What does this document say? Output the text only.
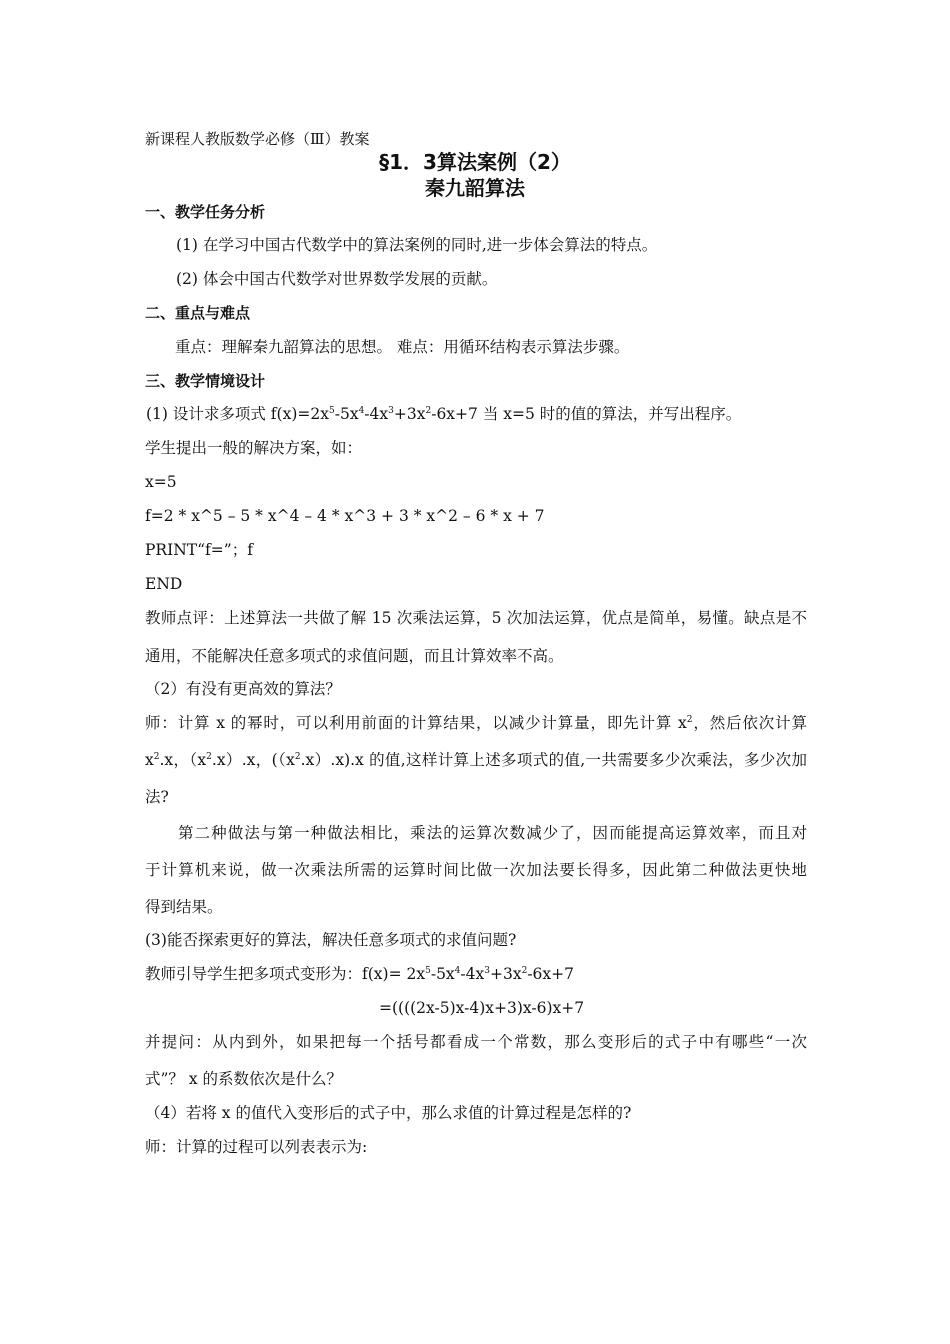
新课程人教版数学必修（Ⅲ）教案
§1．3算法案例（2）
秦九韶算法
一、教学任务分析
(1) 在学习中国古代数学中的算法案例的同时,进一步体会算法的特点。
(2) 体会中国古代数学对世界数学发展的贡献。
二、重点与难点
重点：理解秦九韶算法的思想。 难点：用循环结构表示算法步骤。
三、教学情境设计
(1) 设计求多项式 $f(x)=2x^5-5x^4-4x^3+3x^2-6x+7$ 当 x=5 时的值的算法，并写出程序。
学生提出一般的解决方案，如：
x=5
f=2 * x^5 – 5 * x^4 – 4 * x^3 + 3 * x^2 – 6 * x + 7
PRINT“f=”；f
END
教师点评：上述算法一共做了解 15 次乘法运算，5 次加法运算，优点是简单，易懂。缺点是不
通用，不能解决任意多项式的求值问题，而且计算效率不高。
（2）有没有更高效的算法？
师：计算 x 的幂时，可以利用前面的计算结果，以减少计算量，即先计算 $x^2$，然后依次计算
$x^2.x$，$(x^2.x).x$，$((x^2.x).x).x$ 的值,这样计算上述多项式的值,一共需要多少次乘法，多少次加
法?
第二种做法与第一种做法相比，乘法的运算次数减少了，因而能提高运算效率，而且对
于计算机来说，做一次乘法所需的运算时间比做一次加法要长得多，因此第二种做法更快地
得到结果。
(3)能否探索更好的算法，解决任意多项式的求值问题?
教师引导学生把多项式变形为：$f(x)= 2x^5-5x^4-4x^3+3x^2-6x+7$
=((((2x-5)x-4)x+3)x-6)x+7
并提问：从内到外，如果把每一个括号都看成一个常数，那么变形后的式子中有哪些“一次
式”？ x 的系数依次是什么？
（4）若将 x 的值代入变形后的式子中，那么求值的计算过程是怎样的?
师：计算的过程可以列表表示为:
